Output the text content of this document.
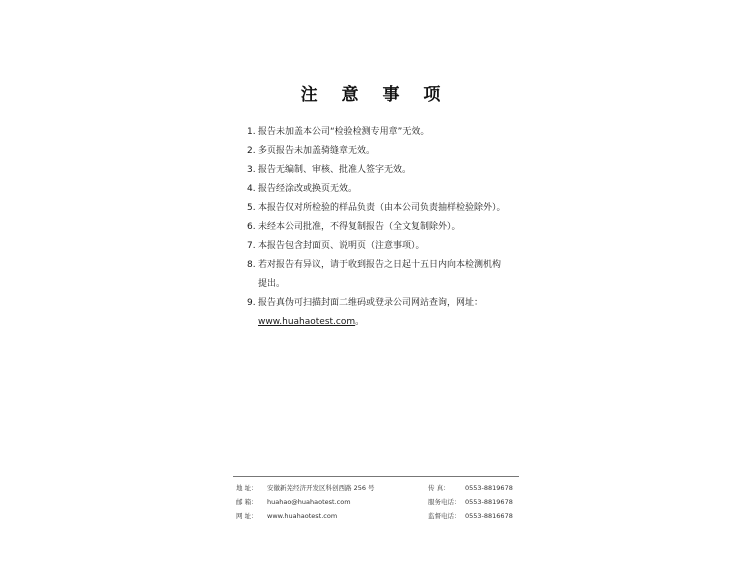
注 意 事 项
1. 报告未加盖本公司“检验检测专用章”无效。
2. 多页报告未加盖骑缝章无效。
3. 报告无编制、审核、批准人签字无效。
4. 报告经涂改或换页无效。
5. 本报告仅对所检验的样品负责（由本公司负责抽样检验除外）。
6. 未经本公司批准，不得复制报告（全文复制除外）。
7. 本报告包含封面页、说明页（注意事项）。
8. 若对报告有异议，请于收到报告之日起十五日内向本检测机构
提出。
9. 报告真伪可扫描封面二维码或登录公司网站查询，网址：
www.huahaotest.com。
地 址： 安徽新芜经济开发区科创西路 256 号	传 真： 0553-8819678
邮 箱： huahao@huahaotest.com	服务电话： 0553-8819678
网 址： www.huahaotest.com	监督电话： 0553-8816678
